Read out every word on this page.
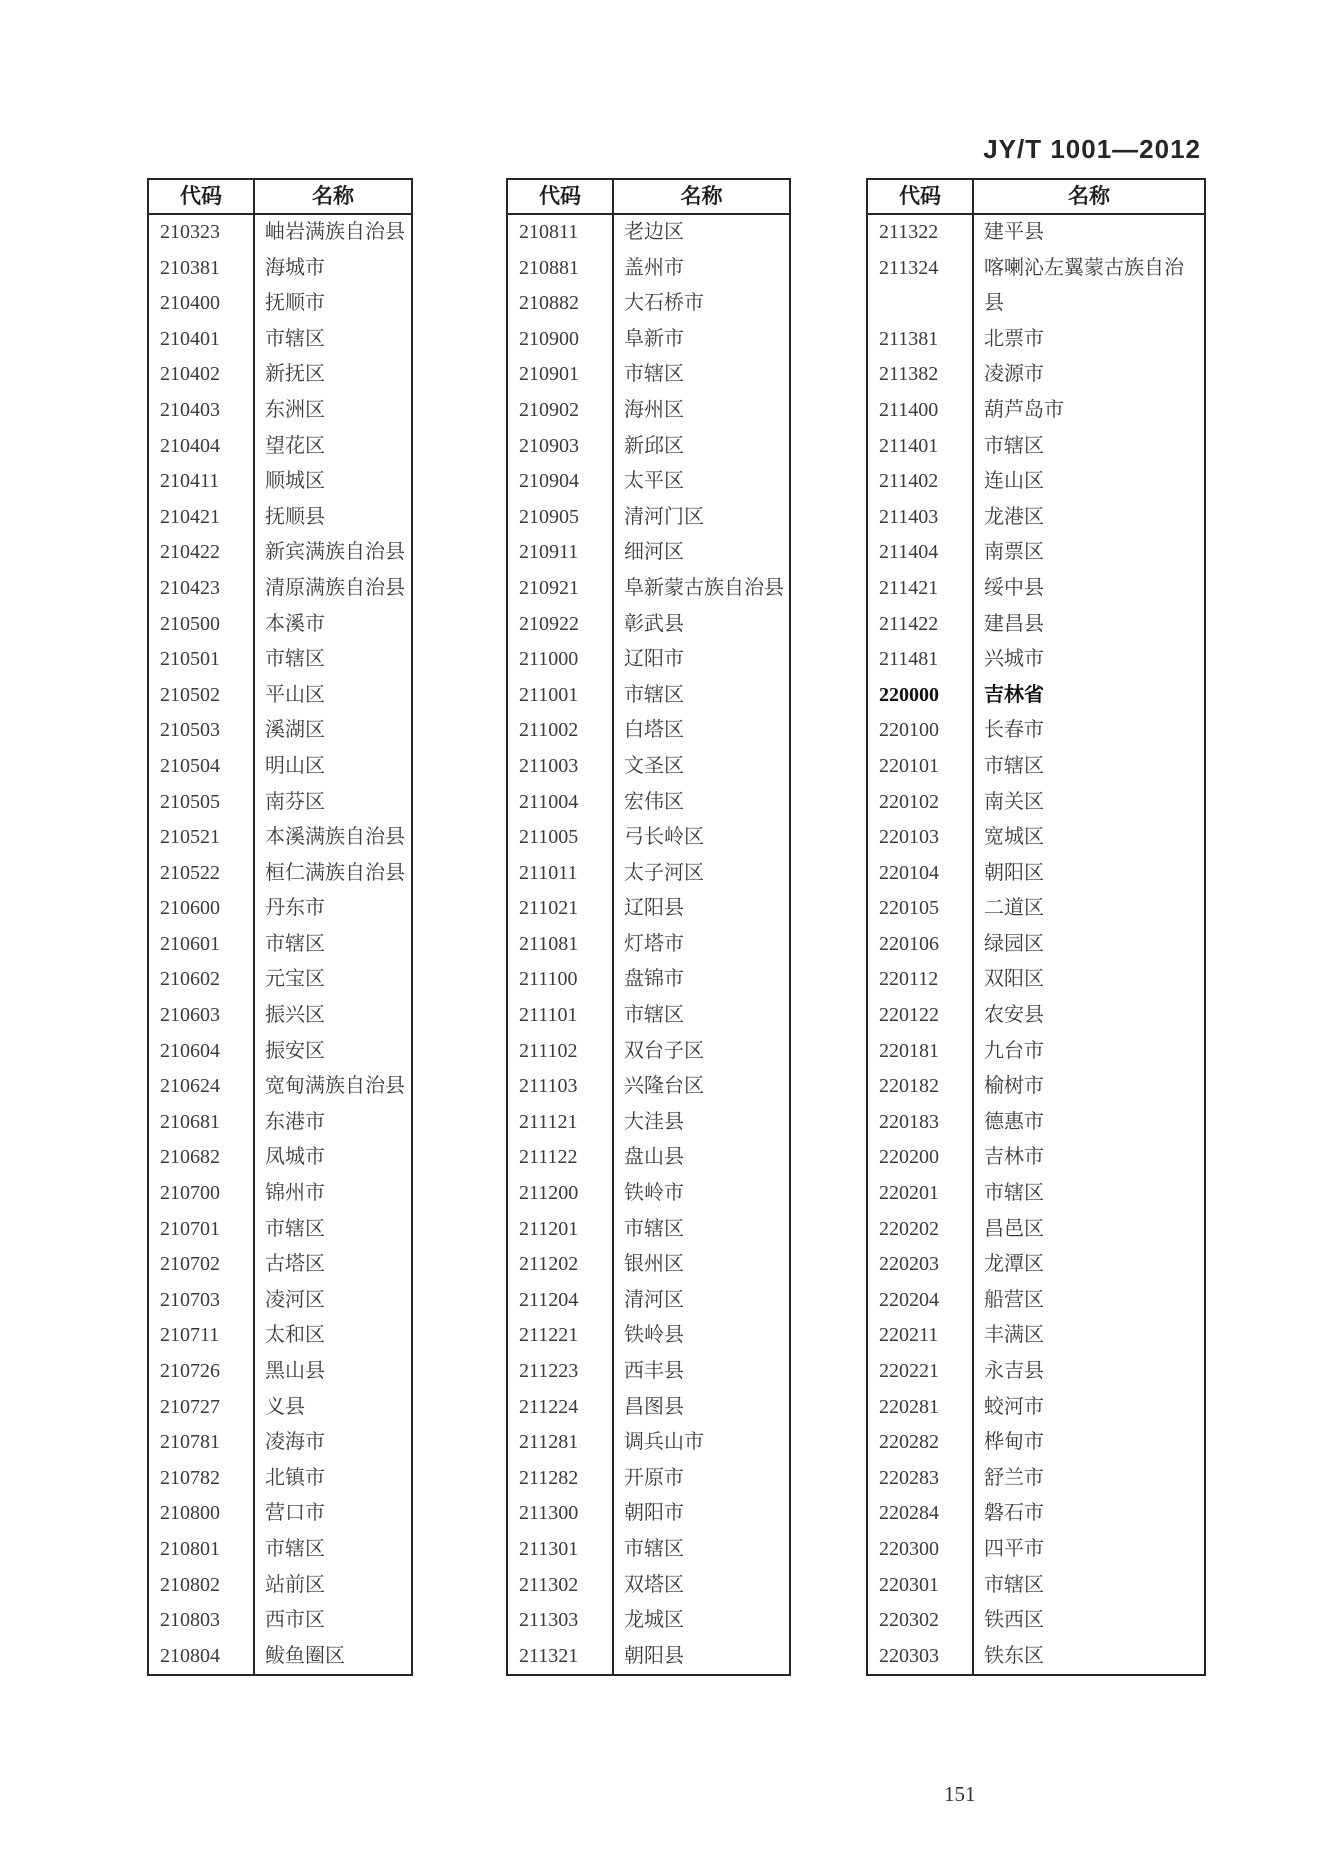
JY/T 1001—2012
代码	名称
210323	岫岩满族自治县
210381	海城市
210400	抚顺市
210401	市辖区
210402	新抚区
210403	东洲区
210404	望花区
210411	顺城区
210421	抚顺县
210422	新宾满族自治县
210423	清原满族自治县
210500	本溪市
210501	市辖区
210502	平山区
210503	溪湖区
210504	明山区
210505	南芬区
210521	本溪满族自治县
210522	桓仁满族自治县
210600	丹东市
210601	市辖区
210602	元宝区
210603	振兴区
210604	振安区
210624	宽甸满族自治县
210681	东港市
210682	凤城市
210700	锦州市
210701	市辖区
210702	古塔区
210703	凌河区
210711	太和区
210726	黑山县
210727	义县
210781	凌海市
210782	北镇市
210800	营口市
210801	市辖区
210802	站前区
210803	西市区
210804	鲅鱼圈区
代码	名称
210811	老边区
210881	盖州市
210882	大石桥市
210900	阜新市
210901	市辖区
210902	海州区
210903	新邱区
210904	太平区
210905	清河门区
210911	细河区
210921	阜新蒙古族自治县
210922	彰武县
211000	辽阳市
211001	市辖区
211002	白塔区
211003	文圣区
211004	宏伟区
211005	弓长岭区
211011	太子河区
211021	辽阳县
211081	灯塔市
211100	盘锦市
211101	市辖区
211102	双台子区
211103	兴隆台区
211121	大洼县
211122	盘山县
211200	铁岭市
211201	市辖区
211202	银州区
211204	清河区
211221	铁岭县
211223	西丰县
211224	昌图县
211281	调兵山市
211282	开原市
211300	朝阳市
211301	市辖区
211302	双塔区
211303	龙城区
211321	朝阳县
代码	名称
211322	建平县
211324	喀喇沁左翼蒙古族自治县
211381	北票市
211382	凌源市
211400	葫芦岛市
211401	市辖区
211402	连山区
211403	龙港区
211404	南票区
211421	绥中县
211422	建昌县
211481	兴城市
220000	吉林省
220100	长春市
220101	市辖区
220102	南关区
220103	宽城区
220104	朝阳区
220105	二道区
220106	绿园区
220112	双阳区
220122	农安县
220181	九台市
220182	榆树市
220183	德惠市
220200	吉林市
220201	市辖区
220202	昌邑区
220203	龙潭区
220204	船营区
220211	丰满区
220221	永吉县
220281	蛟河市
220282	桦甸市
220283	舒兰市
220284	磐石市
220300	四平市
220301	市辖区
220302	铁西区
220303	铁东区
151
